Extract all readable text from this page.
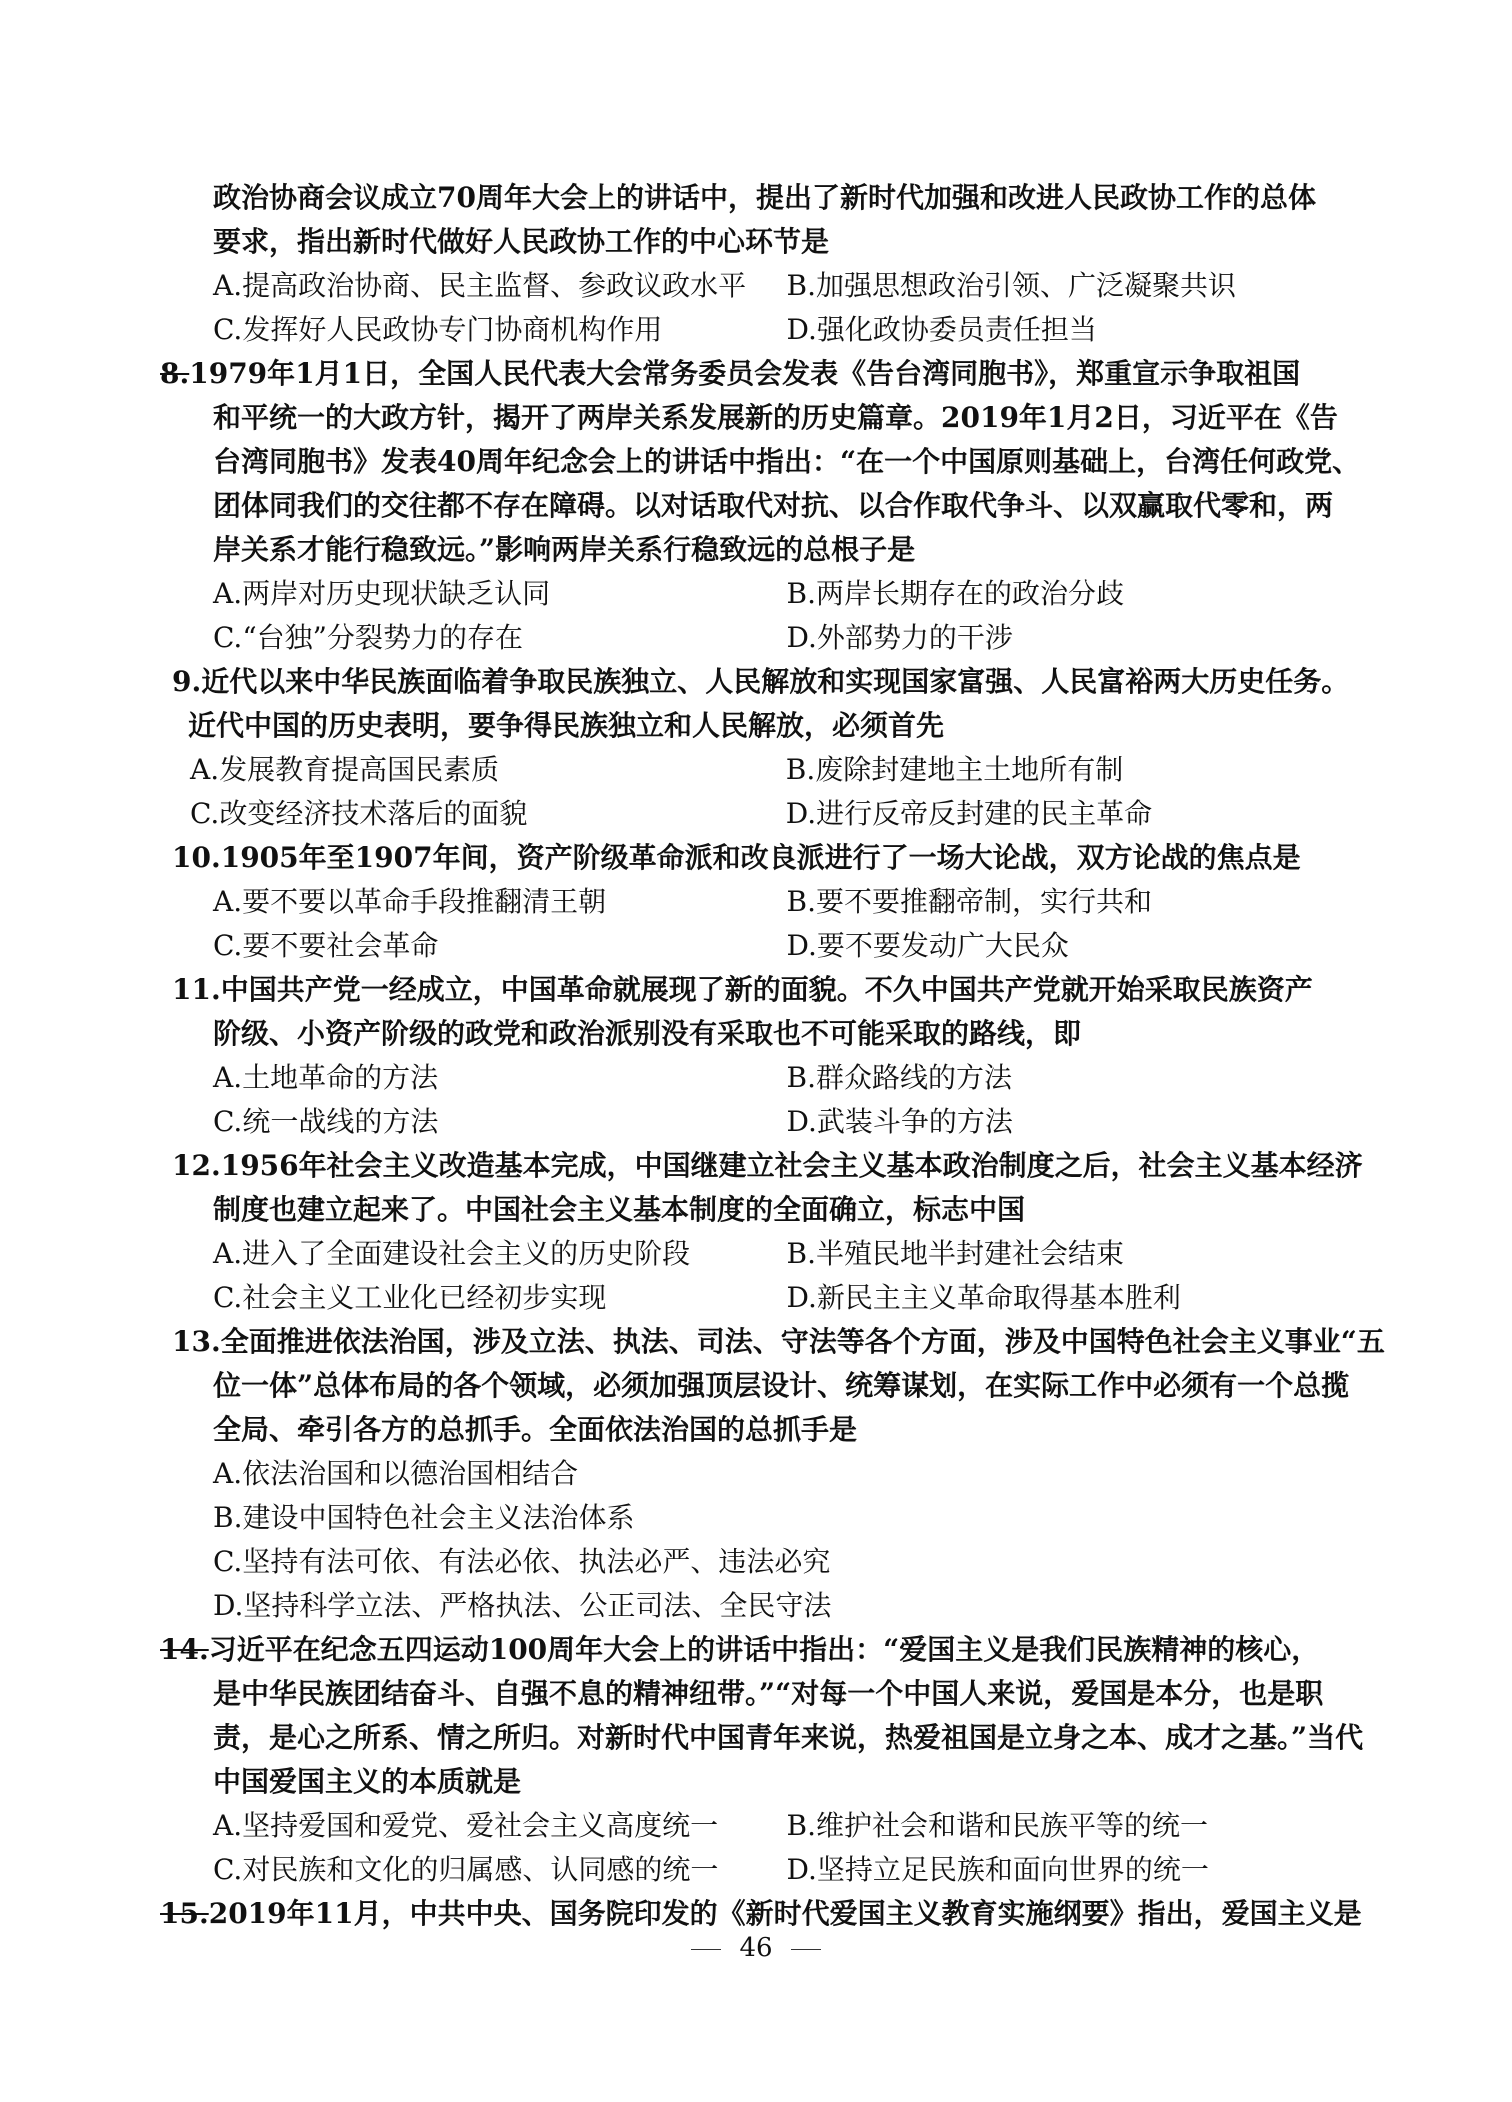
政治协商会议成立70周年大会上的讲话中，提出了新时代加强和改进人民政协工作的总体
要求，指出新时代做好人民政协工作的中心环节是
A.提高政治协商、民主监督、参政议政水平	B.加强思想政治引领、广泛凝聚共识
C.发挥好人民政协专门协商机构作用	D.强化政协委员责任担当
8.1979年1月1日，全国人民代表大会常务委员会发表《告台湾同胞书》，郑重宣示争取祖国
和平统一的大政方针，揭开了两岸关系发展新的历史篇章。2019年1月2日，习近平在《告
台湾同胞书》发表40周年纪念会上的讲话中指出：“在一个中国原则基础上，台湾任何政党、
团体同我们的交往都不存在障碍。以对话取代对抗、以合作取代争斗、以双赢取代零和，两
岸关系才能行稳致远。”影响两岸关系行稳致远的总根子是
A.两岸对历史现状缺乏认同	B.两岸长期存在的政治分歧
C.“台独”分裂势力的存在	D.外部势力的干涉
9.近代以来中华民族面临着争取民族独立、人民解放和实现国家富强、人民富裕两大历史任务。
近代中国的历史表明，要争得民族独立和人民解放，必须首先
A.发展教育提高国民素质	B.废除封建地主土地所有制
C.改变经济技术落后的面貌	D.进行反帝反封建的民主革命
10.1905年至1907年间，资产阶级革命派和改良派进行了一场大论战，双方论战的焦点是
A.要不要以革命手段推翻清王朝	B.要不要推翻帝制，实行共和
C.要不要社会革命	D.要不要发动广大民众
11.中国共产党一经成立，中国革命就展现了新的面貌。不久中国共产党就开始采取民族资产
阶级、小资产阶级的政党和政治派别没有采取也不可能采取的路线，即
A.土地革命的方法	B.群众路线的方法
C.统一战线的方法	D.武装斗争的方法
12.1956年社会主义改造基本完成，中国继建立社会主义基本政治制度之后，社会主义基本经济
制度也建立起来了。中国社会主义基本制度的全面确立，标志中国
A.进入了全面建设社会主义的历史阶段	B.半殖民地半封建社会结束
C.社会主义工业化已经初步实现	D.新民主主义革命取得基本胜利
13.全面推进依法治国，涉及立法、执法、司法、守法等各个方面，涉及中国特色社会主义事业“五
位一体”总体布局的各个领域，必须加强顶层设计、统筹谋划，在实际工作中必须有一个总揽
全局、牵引各方的总抓手。全面依法治国的总抓手是
A.依法治国和以德治国相结合
B.建设中国特色社会主义法治体系
C.坚持有法可依、有法必依、执法必严、违法必究
D.坚持科学立法、严格执法、公正司法、全民守法
14.习近平在纪念五四运动100周年大会上的讲话中指出：“爱国主义是我们民族精神的核心，
是中华民族团结奋斗、自强不息的精神纽带。”“对每一个中国人来说，爱国是本分，也是职
责，是心之所系、情之所归。对新时代中国青年来说，热爱祖国是立身之本、成才之基。”当代
中国爱国主义的本质就是
A.坚持爱国和爱党、爱社会主义高度统一	B.维护社会和谐和民族平等的统一
C.对民族和文化的归属感、认同感的统一	D.坚持立足民族和面向世界的统一
15.2019年11月，中共中央、国务院印发的《新时代爱国主义教育实施纲要》指出，爱国主义是
46
